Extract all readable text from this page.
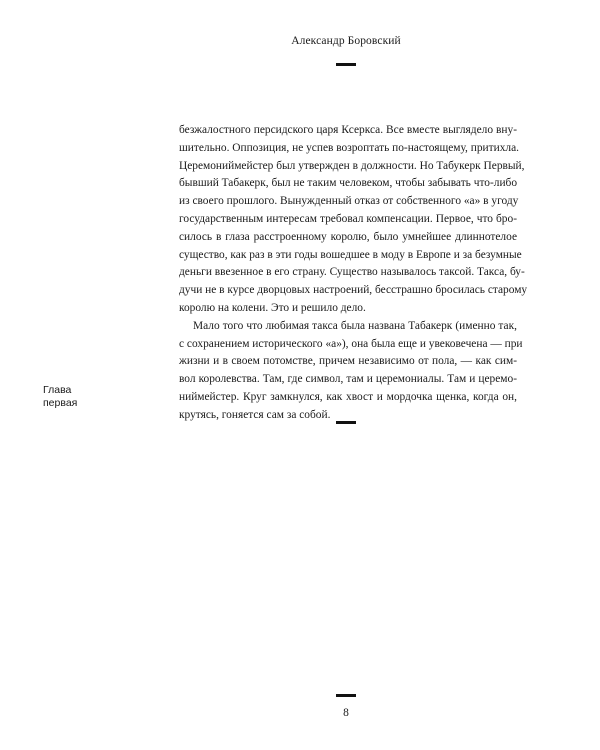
Александр Боровский
безжалостного персидского царя Ксеркса. Все вместе выглядело вну-
шительно. Оппозиция, не успев возроптать по-настоящему, притихла.
Церемониймейстер был утвержден в должности. Но Табукерк Первый,
бывший Табакерк, был не таким человеком, чтобы забывать что-либо
из своего прошлого. Вынужденный отказ от собственного «а» в угоду
государственным интересам требовал компенсации. Первое, что бро-
силось в глаза расстроенному королю, было умнейшее длиннотелое
существо, как раз в эти годы вошедшее в моду в Европе и за безумные
деньги ввезенное в его страну. Существо называлось таксой. Такса, бу-
дучи не в курсе дворцовых настроений, бесстрашно бросилась старому
королю на колени. Это и решило дело.
Мало того что любимая такса была названа Табакерк (именно так,
с сохранением исторического «а»), она была еще и увековечена — при
жизни и в своем потомстве, причем независимо от пола, — как сим-
вол королевства. Там, где символ, там и церемониалы. Там и церемо-
ниймейстер. Круг замкнулся, как хвост и мордочка щенка, когда он,
крутясь, гоняется сам за собой.
Глава
первая
8
